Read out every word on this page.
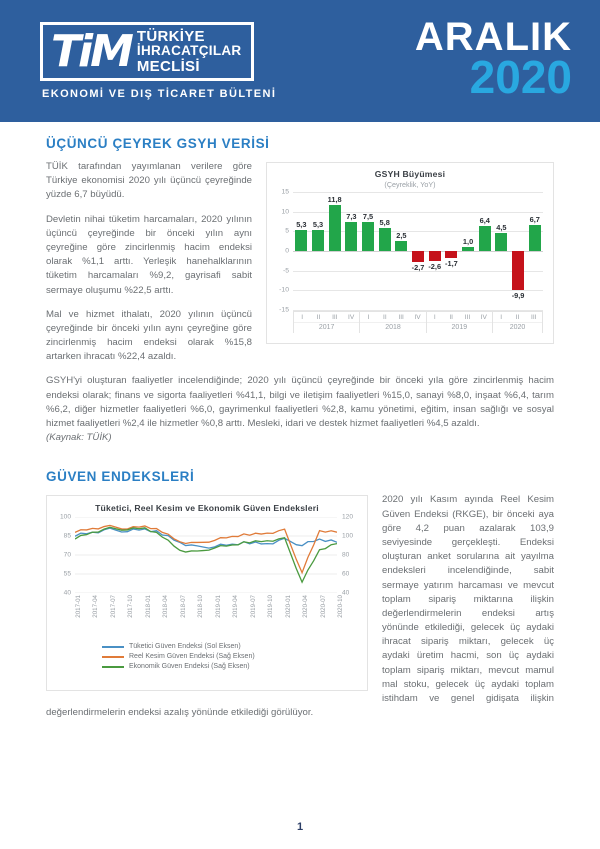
TiM TÜRKİYE
İHRACATÇILAR
MECLİSİ
EKONOMİ VE DIŞ TİCARET BÜLTENİ
ARALIK
2020
ÜÇÜNCÜ ÇEYREK GSYH VERİSİ
GSYH Büyümesi
(Çeyreklik, YoY)
15
10
5
0
-5
-10
-15
5,3 5,3
11,8
7,3 7,5
5,8
2,5
-2,7 -2,6 -1,7
1,0
6,4
4,5
-9,9
6,7
I	II	III	IV
2017
I	II	III	IV
2018
I	II	III	IV
2019
I	II	III
2020

TÜİK tarafından yayımlanan verilere göre Türkiye ekonomisi 2020 yılı üçüncü çeyreğinde yüzde 6,7 büyüdü.

Devletin nihai tüketim harcamaları, 2020 yılının üçüncü çeyreğinde bir önceki yılın aynı çeyreğine göre zincirlenmiş hacim endeksi olarak %1,1 arttı. Yerleşik hanehalklarının tüketim harcamaları %9,2, gayrisafi sabit sermaye oluşumu %22,5 arttı.

Mal ve hizmet ithalatı, 2020 yılının üçüncü çeyreğinde bir önceki yılın aynı çeyreğine göre zincirlenmiş hacim endeksi olarak %15,8 artarken ihracatı %22,4 azaldı.

GSYH'yi oluşturan faaliyetler incelendiğinde; 2020 yılı üçüncü çeyreğinde bir önceki yıla göre zincirlenmiş hacim endeksi olarak; finans ve sigorta faaliyetleri %41,1, bilgi ve iletişim faaliyetleri %15,0, sanayi %8,0, inşaat %6,4, tarım %6,2, diğer hizmetler faaliyetleri %6,0, gayrimenkul faaliyetleri %2,8, kamu yönetimi, eğitim, insan sağlığı ve sosyal hizmet faaliyetleri %2,4 ile hizmetler %0,8 arttı. Mesleki, idari ve destek hizmet faaliyetleri %4,5 azaldı.

(Kaynak: TÜİK)

GÜVEN ENDEKSLERİ
Tüketici, Reel Kesim ve Ekonomik Güven Endeksleri
100
85
70
55
40
120
100
80
60
40
2017-01 2017-04 2017-07 2017-10 2018-01 2018-04 2018-07 2018-10 2019-01 2019-04 2019-07 2019-10 2020-01 2020-04 2020-07 2020-10
Tüketici Güven Endeksi (Sol Eksen)
Reel Kesim Güven Endeksi (Sağ Eksen)
Ekonomik Güven Endeksi (Sağ Eksen)

2020 yılı Kasım ayında Reel Kesim Güven Endeksi (RKGE), bir önceki aya göre 4,2 puan azalarak 103,9 seviyesinde gerçekleşti. Endeksi oluşturan anket sorularına ait yayılma endeksleri incelendiğinde, sabit sermaye yatırım harcaması ve mevcut toplam sipariş miktarına ilişkin değerlendirmelerin endeksi artış yönünde etkilediği, gelecek üç aydaki ihracat sipariş miktarı, gelecek üç aydaki üretim hacmi, son üç aydaki toplam sipariş miktarı, mevcut mamul mal stoku, gelecek üç aydaki toplam istihdam ve genel gidişata ilişkin değerlendirmelerin endeksi azalış yönünde etkilediği görülüyor.

1
